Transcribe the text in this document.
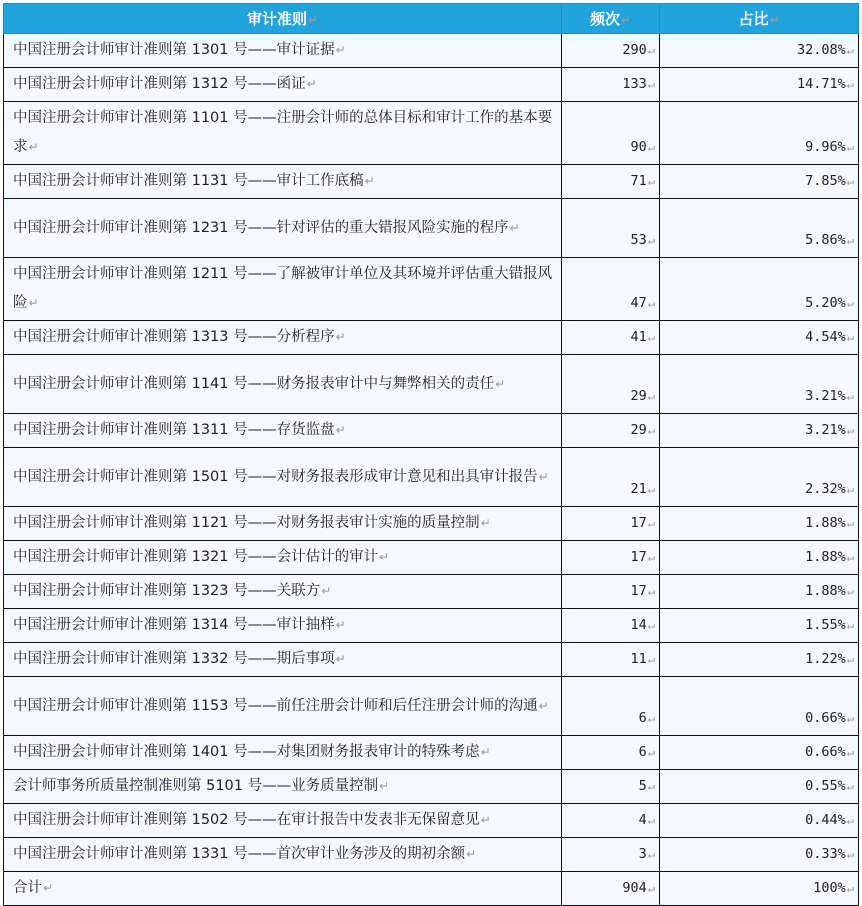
审计准则↵	频次↵	占比↵
中国注册会计师审计准则第 1301 号——审计证据↵	290↵	32.08%↵
中国注册会计师审计准则第 1312 号——函证↵	133↵	14.71%↵
中国注册会计师审计准则第 1101 号——注册会计师的总体目标和审计工作的基本要求↵	90↵	9.96%↵
中国注册会计师审计准则第 1131 号——审计工作底稿↵	71↵	7.85%↵
中国注册会计师审计准则第 1231 号——针对评估的重大错报风险实施的程序↵	53↵	5.86%↵
中国注册会计师审计准则第 1211 号——了解被审计单位及其环境并评估重大错报风险↵	47↵	5.20%↵
中国注册会计师审计准则第 1313 号——分析程序↵	41↵	4.54%↵
中国注册会计师审计准则第 1141 号——财务报表审计中与舞弊相关的责任↵	29↵	3.21%↵
中国注册会计师审计准则第 1311 号——存货监盘↵	29↵	3.21%↵
中国注册会计师审计准则第 1501 号——对财务报表形成审计意见和出具审计报告↵	21↵	2.32%↵
中国注册会计师审计准则第 1121 号——对财务报表审计实施的质量控制↵	17↵	1.88%↵
中国注册会计师审计准则第 1321 号——会计估计的审计↵	17↵	1.88%↵
中国注册会计师审计准则第 1323 号——关联方↵	17↵	1.88%↵
中国注册会计师审计准则第 1314 号——审计抽样↵	14↵	1.55%↵
中国注册会计师审计准则第 1332 号——期后事项↵	11↵	1.22%↵
中国注册会计师审计准则第 1153 号——前任注册会计师和后任注册会计师的沟通↵	6↵	0.66%↵
中国注册会计师审计准则第 1401 号——对集团财务报表审计的特殊考虑↵	6↵	0.66%↵
会计师事务所质量控制准则第 5101 号——业务质量控制↵	5↵	0.55%↵
中国注册会计师审计准则第 1502 号——在审计报告中发表非无保留意见↵	4↵	0.44%↵
中国注册会计师审计准则第 1331 号——首次审计业务涉及的期初余额↵	3↵	0.33%↵
合计↵	904↵	100%↵
